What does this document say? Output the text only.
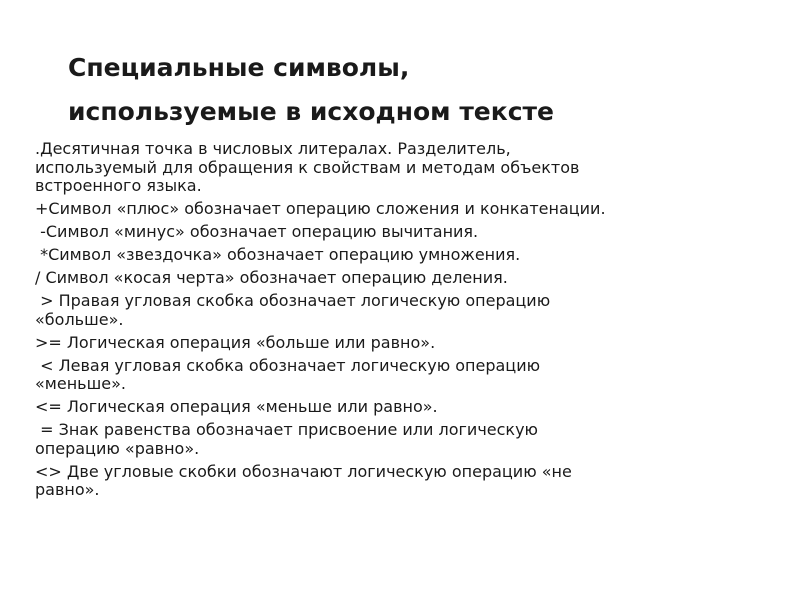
Специальные символы,
используемые в исходном тексте

.Десятичная точка в числовых литералах. Разделитель,
используемый для обращения к свойствам и методам объектов
встроенного языка.

+Символ «плюс» обозначает операцию сложения и конкатенации.

-Символ «минус» обозначает операцию вычитания.

*Символ «звездочка» обозначает операцию умножения.

/ Символ «косая черта» обозначает операцию деления.

> Правая угловая скобка обозначает логическую операцию
«больше».

>= Логическая операция «больше или равно».

< Левая угловая скобка обозначает логическую операцию
«меньше».

<= Логическая операция «меньше или равно».

= Знак равенства обозначает присвоение или логическую
операцию «равно».

<> Две угловые скобки обозначают логическую операцию «не
равно».
